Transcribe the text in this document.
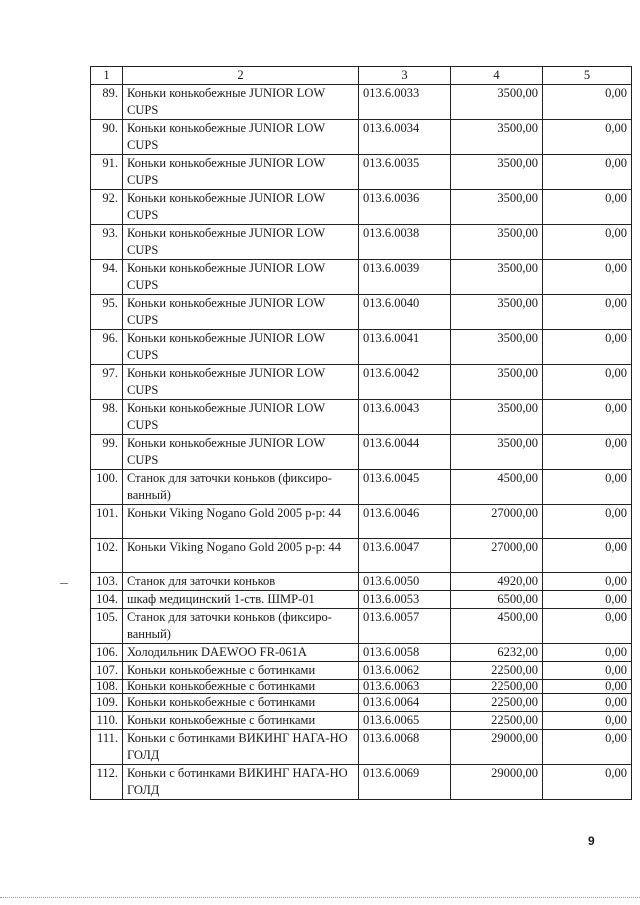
1	2	3	4	5
89.	Коньки конькобежные JUNIOR LOW CUPS	013.6.0033	3500,00	0,00
90.	Коньки конькобежные JUNIOR LOW CUPS	013.6.0034	3500,00	0,00
91.	Коньки конькобежные JUNIOR LOW CUPS	013.6.0035	3500,00	0,00
92.	Коньки конькобежные JUNIOR LOW CUPS	013.6.0036	3500,00	0,00
93.	Коньки конькобежные JUNIOR LOW CUPS	013.6.0038	3500,00	0,00
94.	Коньки конькобежные JUNIOR LOW CUPS	013.6.0039	3500,00	0,00
95.	Коньки конькобежные JUNIOR LOW CUPS	013.6.0040	3500,00	0,00
96.	Коньки конькобежные JUNIOR LOW CUPS	013.6.0041	3500,00	0,00
97.	Коньки конькобежные JUNIOR LOW CUPS	013.6.0042	3500,00	0,00
98.	Коньки конькобежные JUNIOR LOW CUPS	013.6.0043	3500,00	0,00
99.	Коньки конькобежные JUNIOR LOW CUPS	013.6.0044	3500,00	0,00
100.	Станок для заточки коньков (фиксиро-ванный)	013.6.0045	4500,00	0,00
101.	Коньки Viking Nogano Gold 2005 р-р: 44	013.6.0046	27000,00	0,00
102.	Коньки Viking Nogano Gold 2005 р-р: 44	013.6.0047	27000,00	0,00
103.	Станок для заточки коньков	013.6.0050	4920,00	0,00
104.	шкаф медицинский 1-ств. ШМР-01	013.6.0053	6500,00	0,00
105.	Станок для заточки коньков (фиксиро-ванный)	013.6.0057	4500,00	0,00
106.	Холодильник DAEWOO FR-061A	013.6.0058	6232,00	0,00
107.	Коньки конькобежные с ботинками	013.6.0062	22500,00	0,00
108.	Коньки конькобежные с ботинками	013.6.0063	22500,00	0,00
109.	Коньки конькобежные с ботинками	013.6.0064	22500,00	0,00
110.	Коньки конькобежные с ботинками	013.6.0065	22500,00	0,00
111.	Коньки с ботинками ВИКИНГ НАГА-НО ГОЛД	013.6.0068	29000,00	0,00
112.	Коньки с ботинками ВИКИНГ НАГА-НО ГОЛД	013.6.0069	29000,00	0,00
9
